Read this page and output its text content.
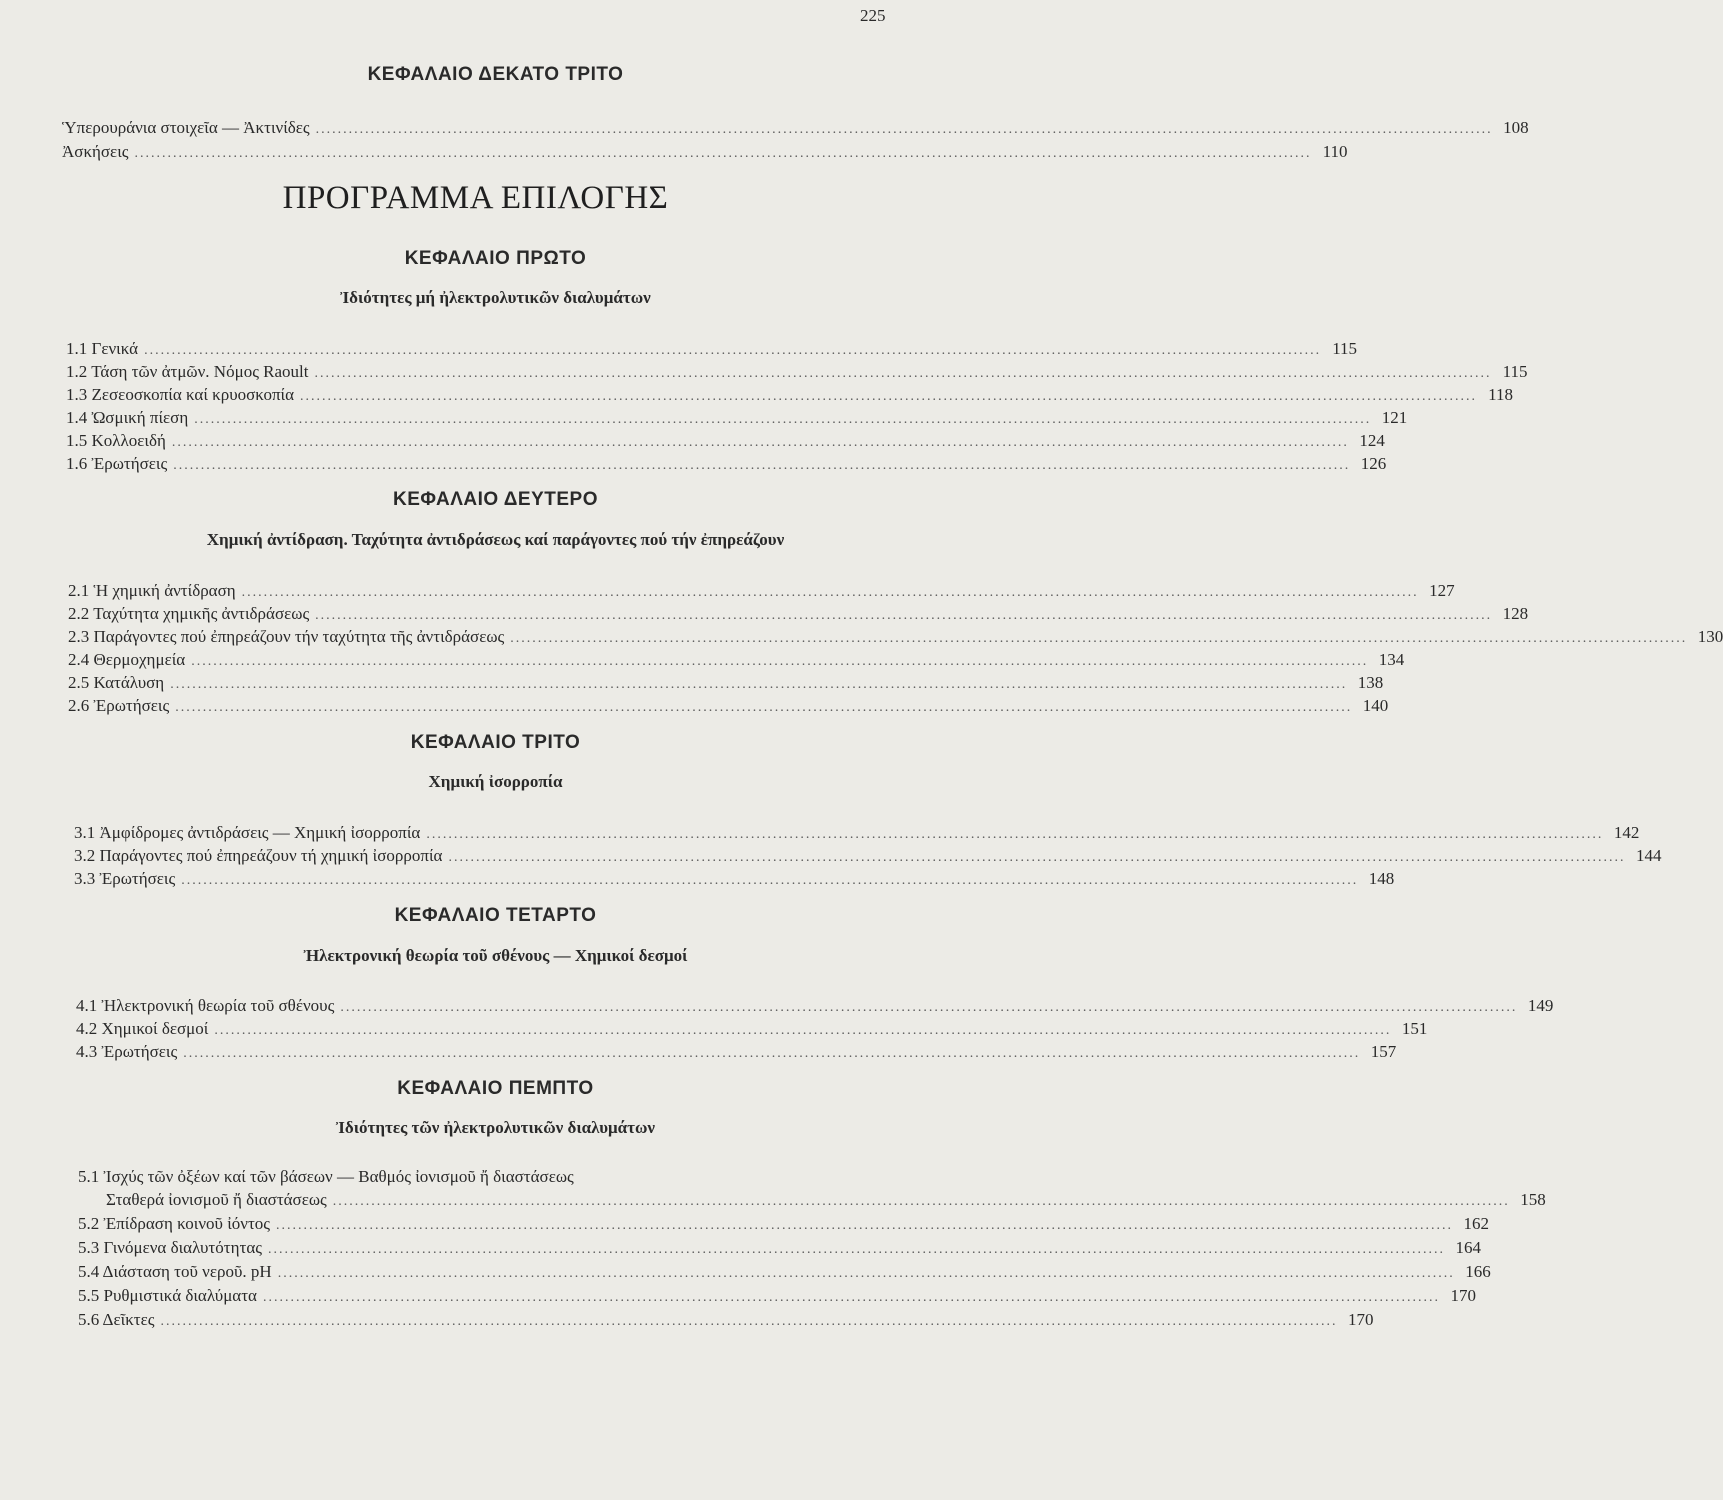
225
ΚΕΦΑΛΑΙΟ ΔΕΚΑΤΟ ΤΡΙΤΟ
Ὑπερουράνια στοιχεῖα — Ἀκτινίδες ...................................................................................................................................................................................................................... 108
Ἀσκήσεις ...................................................................................................................................................................................................................... 110
ΠΡΟΓΡΑΜΜΑ ΕΠΙΛΟΓΗΣ
ΚΕΦΑΛΑΙΟ ΠΡΩΤΟ
Ἰδιότητες μή ἠλεκτρολυτικῶν διαλυμάτων
1.1 Γενικά ...................................................................................................................................................................................................................... 115
1.2 Τάση τῶν ἀτμῶν. Νόμος Raoult ...................................................................................................................................................................................................................... 115
1.3 Ζεσεοσκοπία καί κρυοσκοπία ...................................................................................................................................................................................................................... 118
1.4 Ὠσμική πίεση ...................................................................................................................................................................................................................... 121
1.5 Κολλοειδή ...................................................................................................................................................................................................................... 124
1.6 Ἐρωτήσεις ...................................................................................................................................................................................................................... 126
ΚΕΦΑΛΑΙΟ ΔΕΥΤΕΡΟ
Χημική ἀντίδραση. Ταχύτητα ἀντιδράσεως καί παράγοντες πού τήν ἐπηρεάζουν
2.1 Ἡ χημική ἀντίδραση ...................................................................................................................................................................................................................... 127
2.2 Ταχύτητα χημικῆς ἀντιδράσεως ...................................................................................................................................................................................................................... 128
2.3 Παράγοντες πού ἐπηρεάζουν τήν ταχύτητα τῆς ἀντιδράσεως ...................................................................................................................................................................................................................... 130
2.4 Θερμοχημεία ...................................................................................................................................................................................................................... 134
2.5 Κατάλυση ...................................................................................................................................................................................................................... 138
2.6 Ἐρωτήσεις ...................................................................................................................................................................................................................... 140
ΚΕΦΑΛΑΙΟ ΤΡΙΤΟ
Χημική ἰσορροπία
3.1 Ἀμφίδρομες ἀντιδράσεις — Χημική ἰσορροπία ...................................................................................................................................................................................................................... 142
3.2 Παράγοντες πού ἐπηρεάζουν τή χημική ἰσορροπία ...................................................................................................................................................................................................................... 144
3.3 Ἐρωτήσεις ...................................................................................................................................................................................................................... 148
ΚΕΦΑΛΑΙΟ ΤΕΤΑΡΤΟ
Ἠλεκτρονική θεωρία τοῦ σθένους — Χημικοί δεσμοί
4.1 Ἠλεκτρονική θεωρία τοῦ σθένους ...................................................................................................................................................................................................................... 149
4.2 Χημικοί δεσμοί ...................................................................................................................................................................................................................... 151
4.3 Ἐρωτήσεις ...................................................................................................................................................................................................................... 157
ΚΕΦΑΛΑΙΟ ΠΕΜΠΤΟ
Ἰδιότητες τῶν ἠλεκτρολυτικῶν διαλυμάτων
5.1 Ἰσχύς τῶν ὀξέων καί τῶν βάσεων — Βαθμός ἰονισμοῦ ἤ διαστάσεως
Σταθερά ἰονισμοῦ ἤ διαστάσεως ...................................................................................................................................................................................................................... 158
5.2 Ἐπίδραση κοινοῦ ἰόντος ...................................................................................................................................................................................................................... 162
5.3 Γινόμενα διαλυτότητας ...................................................................................................................................................................................................................... 164
5.4 Διάσταση τοῦ νεροῦ. pH ...................................................................................................................................................................................................................... 166
5.5 Ρυθμιστικά διαλύματα ...................................................................................................................................................................................................................... 170
5.6 Δεῖκτες ...................................................................................................................................................................................................................... 170
